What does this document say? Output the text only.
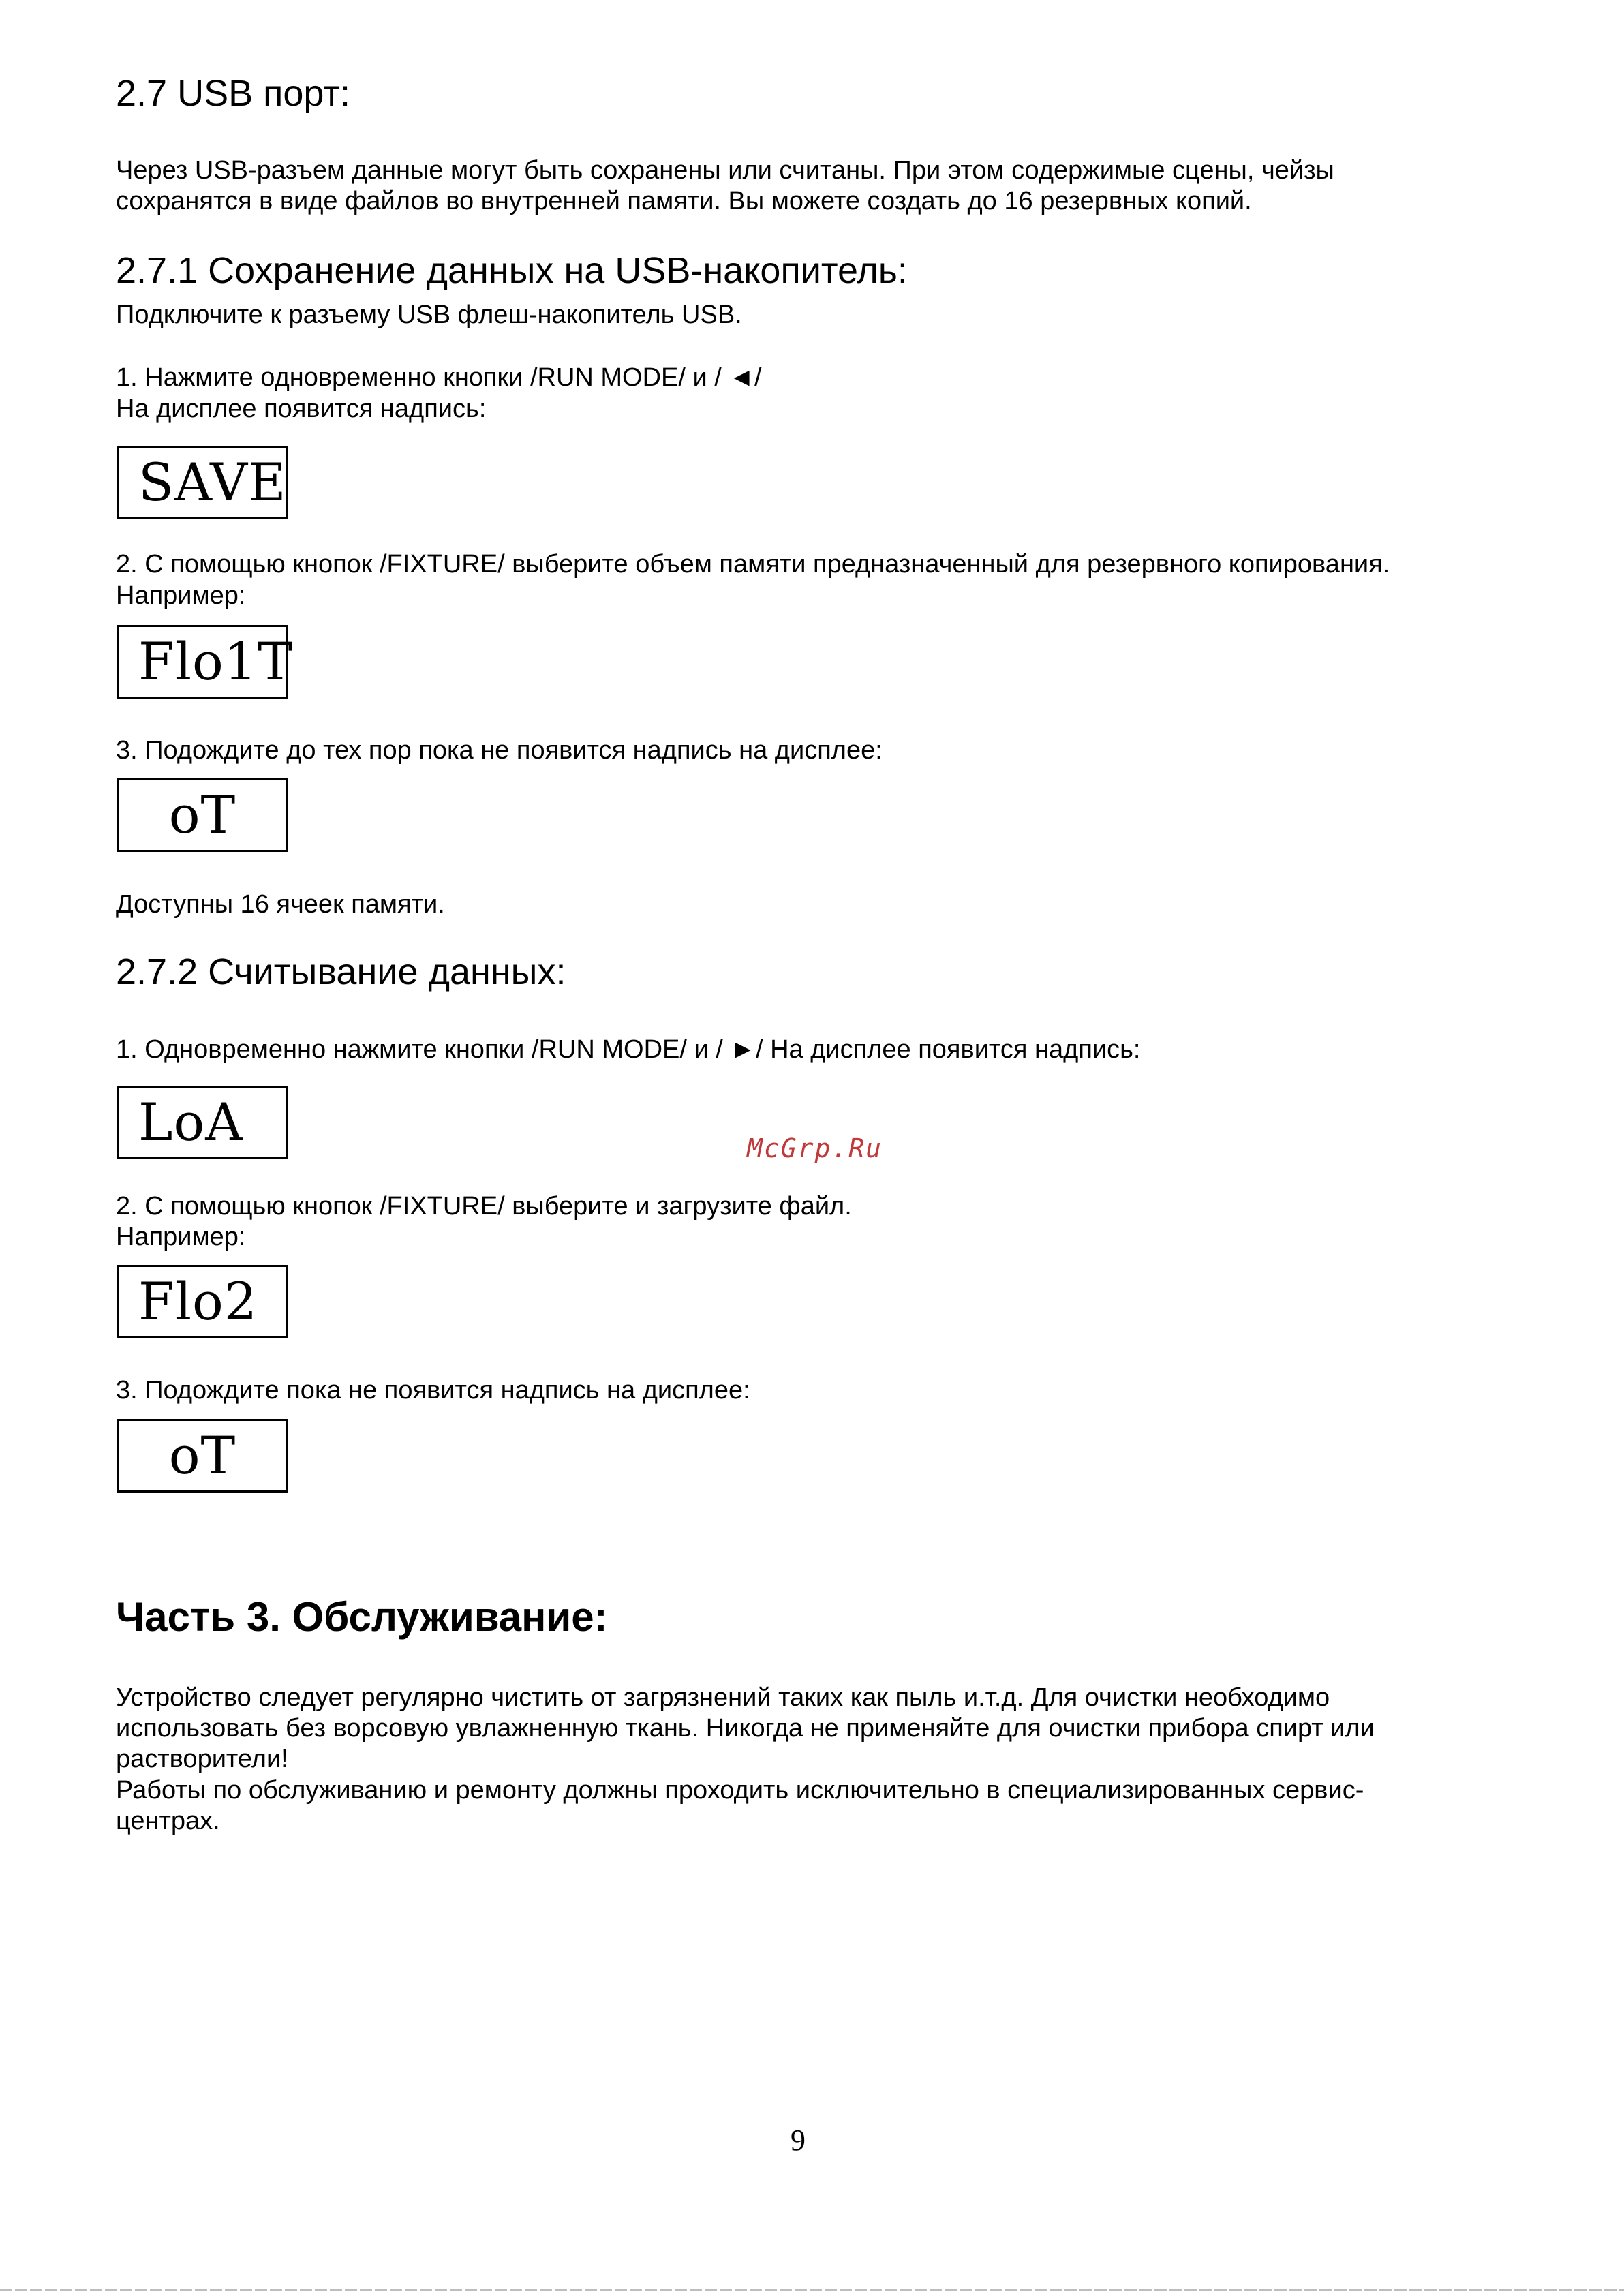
2.7 USB порт:

Через USB-разъем данные могут быть сохранены или считаны. При этом содержимые сцены, чейзы

сохранятся в виде файлов во внутренней памяти. Вы можете создать до 16 резервных копий.

2.7.1 Сохранение данных на USB-накопитель:

Подключите к разъему USB флеш-накопитель USB.

1. Нажмите одновременно кнопки /RUN MODE/ и / ◄/

На дисплее появится надпись:

SAVE

2. С помощью кнопок /FIXTURE/ выберите объем памяти предназначенный для резервного копирования.

Например:

Flo1T

3. Подождите до тех пор пока не появится надпись на дисплее:

oT

Доступны 16 ячеек памяти.

2.7.2 Считывание данных:

1. Одновременно нажмите кнопки /RUN MODE/ и / ►/ На дисплее появится надпись:

LoA	McGrp.Ru

2. С помощью кнопок /FIXTURE/ выберите и загрузите файл.

Например:

Flo2

3. Подождите пока не появится надпись на дисплее:

oT
Часть 3. Обслуживание:

Устройство следует регулярно чистить от загрязнений таких как пыль и.т.д. Для очистки необходимо

использовать без ворсовую увлажненную ткань. Никогда не применяйте для очистки прибора спирт или

растворители!

Работы по обслуживанию и ремонту должны проходить исключительно в специализированных сервис-

центрах.

9
